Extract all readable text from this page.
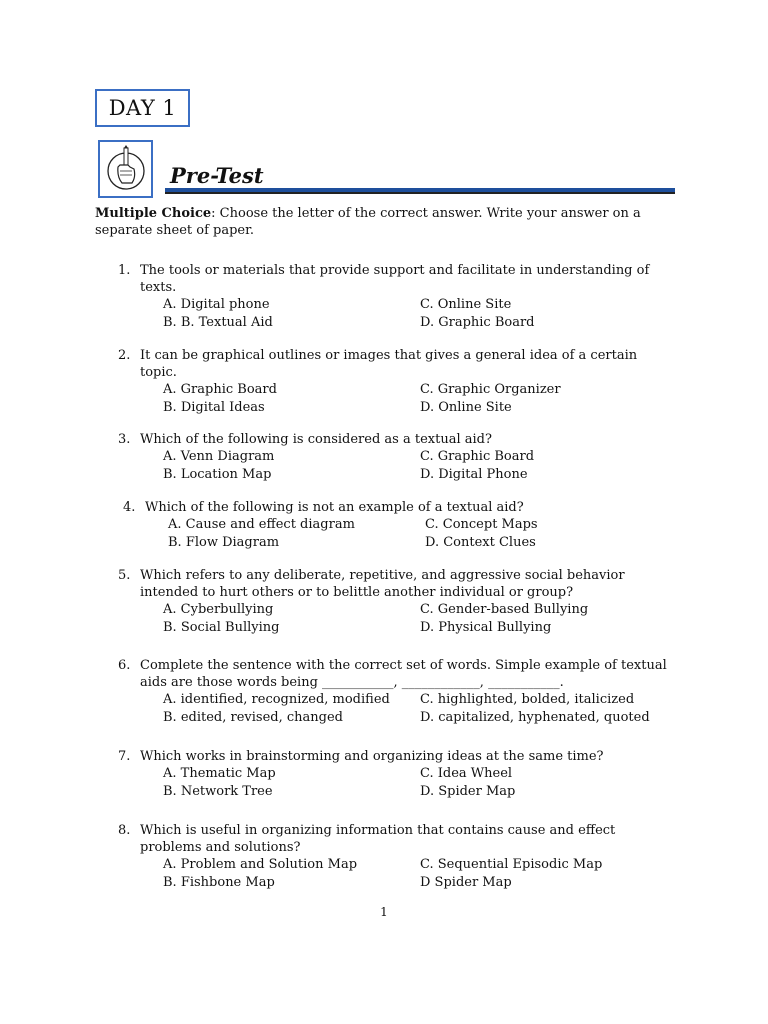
DAY 1
Pre-Test
Multiple Choice: Choose the letter of the correct answer. Write your answer on a separate sheet of paper.
1. The tools or materials that provide support and facilitate in understanding of texts.
A. Digital phone	C. Online Site
B. B. Textual Aid	D. Graphic Board
2. It can be graphical outlines or images that gives a general idea of a certain topic.
A. Graphic Board	C. Graphic Organizer
B. Digital Ideas	D. Online Site
3. Which of the following is considered as a textual aid?
A. Venn Diagram	C. Graphic Board
B. Location Map	D. Digital Phone
4. Which of the following is not an example of a textual aid?
A. Cause and effect diagram	C. Concept Maps
B. Flow Diagram	D. Context Clues
5. Which refers to any deliberate, repetitive, and aggressive social behavior intended to hurt others or to belittle another individual or group?
A. Cyberbullying	C. Gender-based Bullying
B. Social Bullying	D. Physical Bullying
6. Complete the sentence with the correct set of words. Simple example of textual aids are those words being ___________, ____________, ___________.
A. identified, recognized, modified C. highlighted, bolded, italicized
B. edited, revised, changed	D. capitalized, hyphenated, quoted
7. Which works in brainstorming and organizing ideas at the same time?
A. Thematic Map	C. Idea Wheel
B. Network Tree	D. Spider Map
8. Which is useful in organizing information that contains cause and effect problems and solutions?
A. Problem and Solution Map	C. Sequential Episodic Map
B. Fishbone Map	D Spider Map
1
